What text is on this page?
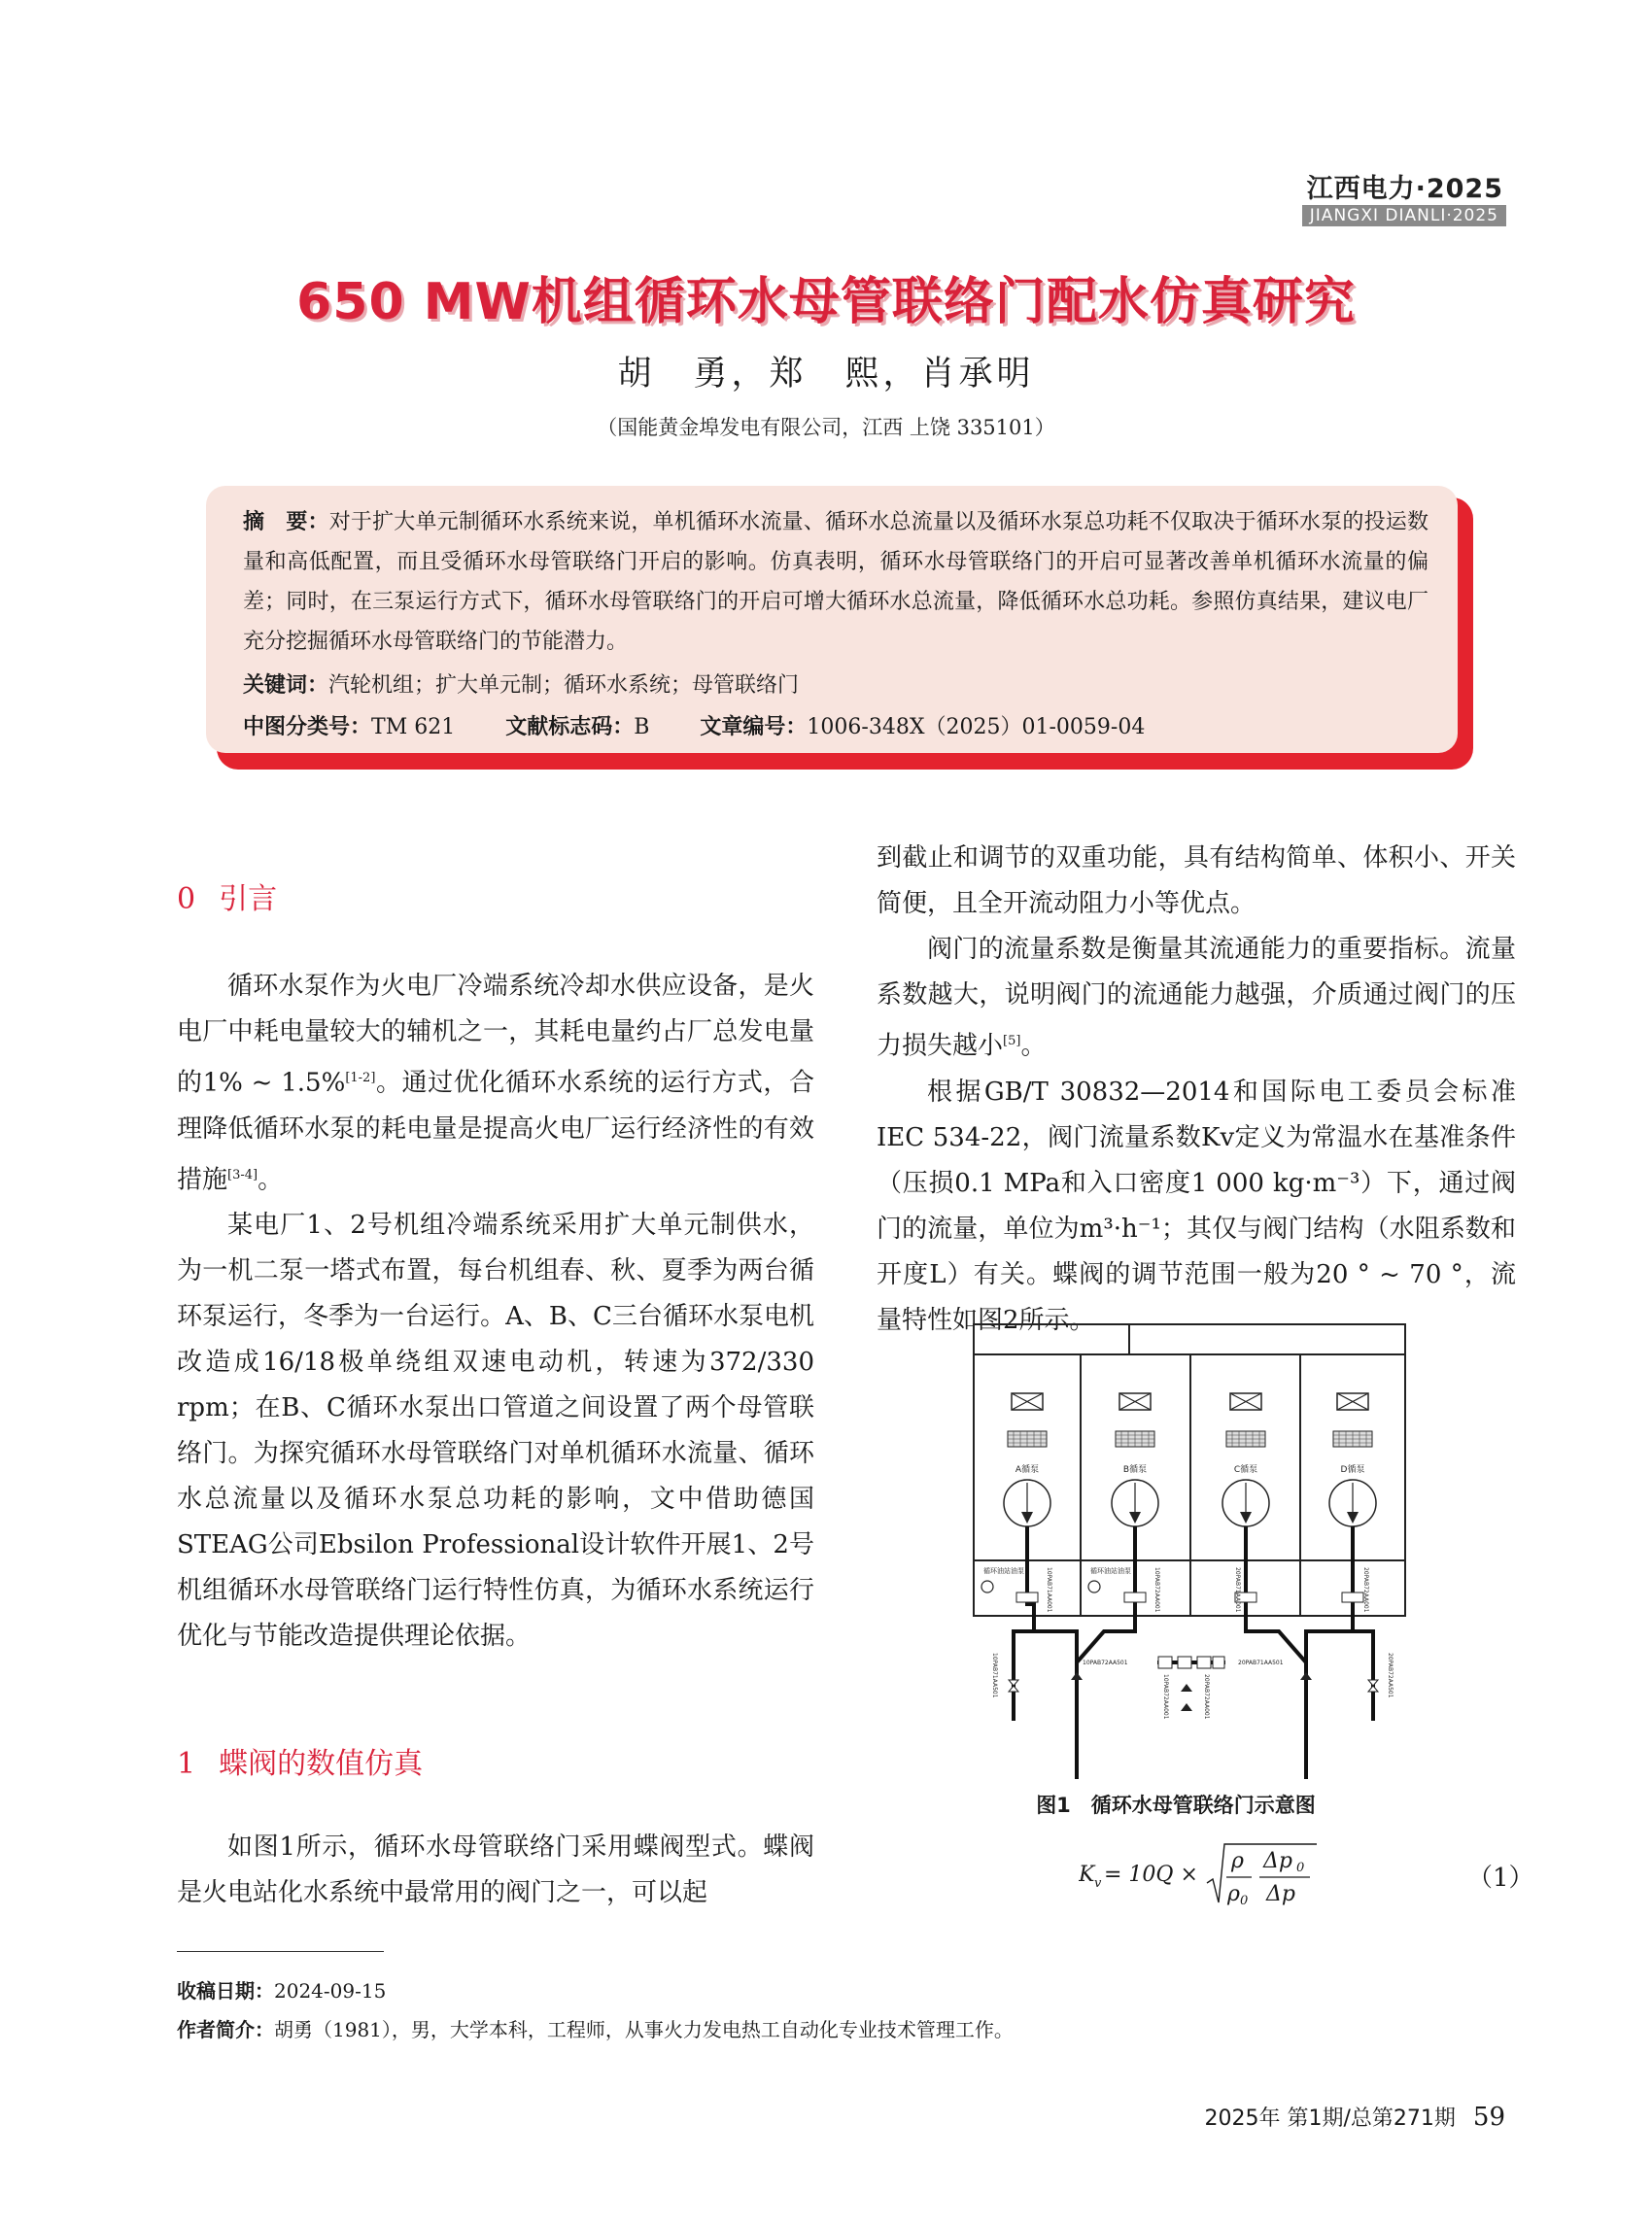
江西电力·2025
JIANGXI DIANLI·2025
650 MW机组循环水母管联络门配水仿真研究
胡　勇，郑　熙，肖承明
（国能黄金埠发电有限公司，江西 上饶 335101）
摘　要：对于扩大单元制循环水系统来说，单机循环水流量、循环水总流量以及循环水泵总功耗不仅取决于循环水泵的投运数量和高低配置，而且受循环水母管联络门开启的影响。仿真表明，循环水母管联络门的开启可显著改善单机循环水流量的偏差；同时，在三泵运行方式下，循环水母管联络门的开启可增大循环水总流量，降低循环水总功耗。参照仿真结果，建议电厂充分挖掘循环水母管联络门的节能潜力。
关键词：汽轮机组；扩大单元制；循环水系统；母管联络门
中图分类号：TM 621 文献标志码：B 文章编号：1006-348X（2025）01-0059-04
0 引言

循环水泵作为火电厂冷端系统冷却水供应设备，是火电厂中耗电量较大的辅机之一，其耗电量约占厂总发电量的1% ~ 1.5%[1-2]。通过优化循环水系统的运行方式，合理降低循环水泵的耗电量是提高火电厂运行经济性的有效措施[3-4]。

某电厂1、2号机组冷端系统采用扩大单元制供水，为一机二泵一塔式布置，每台机组春、秋、夏季为两台循环泵运行，冬季为一台运行。A、B、C三台循环水泵电机改造成16/18极单绕组双速电动机，转速为372/330 rpm；在B、C循环水泵出口管道之间设置了两个母管联络门。为探究循环水母管联络门对单机循环水流量、循环水总流量以及循环水泵总功耗的影响，文中借助德国STEAG公司Ebsilon Professional设计软件开展1、2号机组循环水母管联络门运行特性仿真，为循环水系统运行优化与节能改造提供理论依据。

1 蝶阀的数值仿真

如图1所示，循环水母管联络门采用蝶阀型式。蝶阀是火电站化水系统中最常用的阀门之一，可以起

到截止和调节的双重功能，具有结构简单、体积小、开关简便，且全开流动阻力小等优点。

阀门的流量系数是衡量其流通能力的重要指标。流量系数越大，说明阀门的流通能力越强，介质通过阀门的压力损失越小[5]。

根据GB/T 30832—2014和国际电工委员会标准IEC 534-22，阀门流量系数Kv定义为常温水在基准条件（压损0.1 MPa和入口密度1 000 kg·m⁻³）下，通过阀门的流量，单位为m³·h⁻¹；其仅与阀门结构（水阻系数和开度L）有关。蝶阀的调节范围一般为20 ° ~ 70 °，流量特性如图2所示。

A循泵	B循泵	C循泵	D循泵
循环油站油泵	循环油站油泵
10PAB71AA001	10PAB72AA001	20PAB71AA001	20PAB72AA001
10PAB71AA501	10PAB72AA501	20PAB71AA501	20PAB72AA501
10PAB72AA001	20PAB72AA001
图1　循环水母管联络门示意图
K v = 10Q ×
ρ
ρ 0
Δp 0
Δp
（1）
收稿日期：2024-09-15
作者简介：胡勇（1981），男，大学本科，工程师，从事火力发电热工自动化专业技术管理工作。
2025年 第1期/总第271期 59
